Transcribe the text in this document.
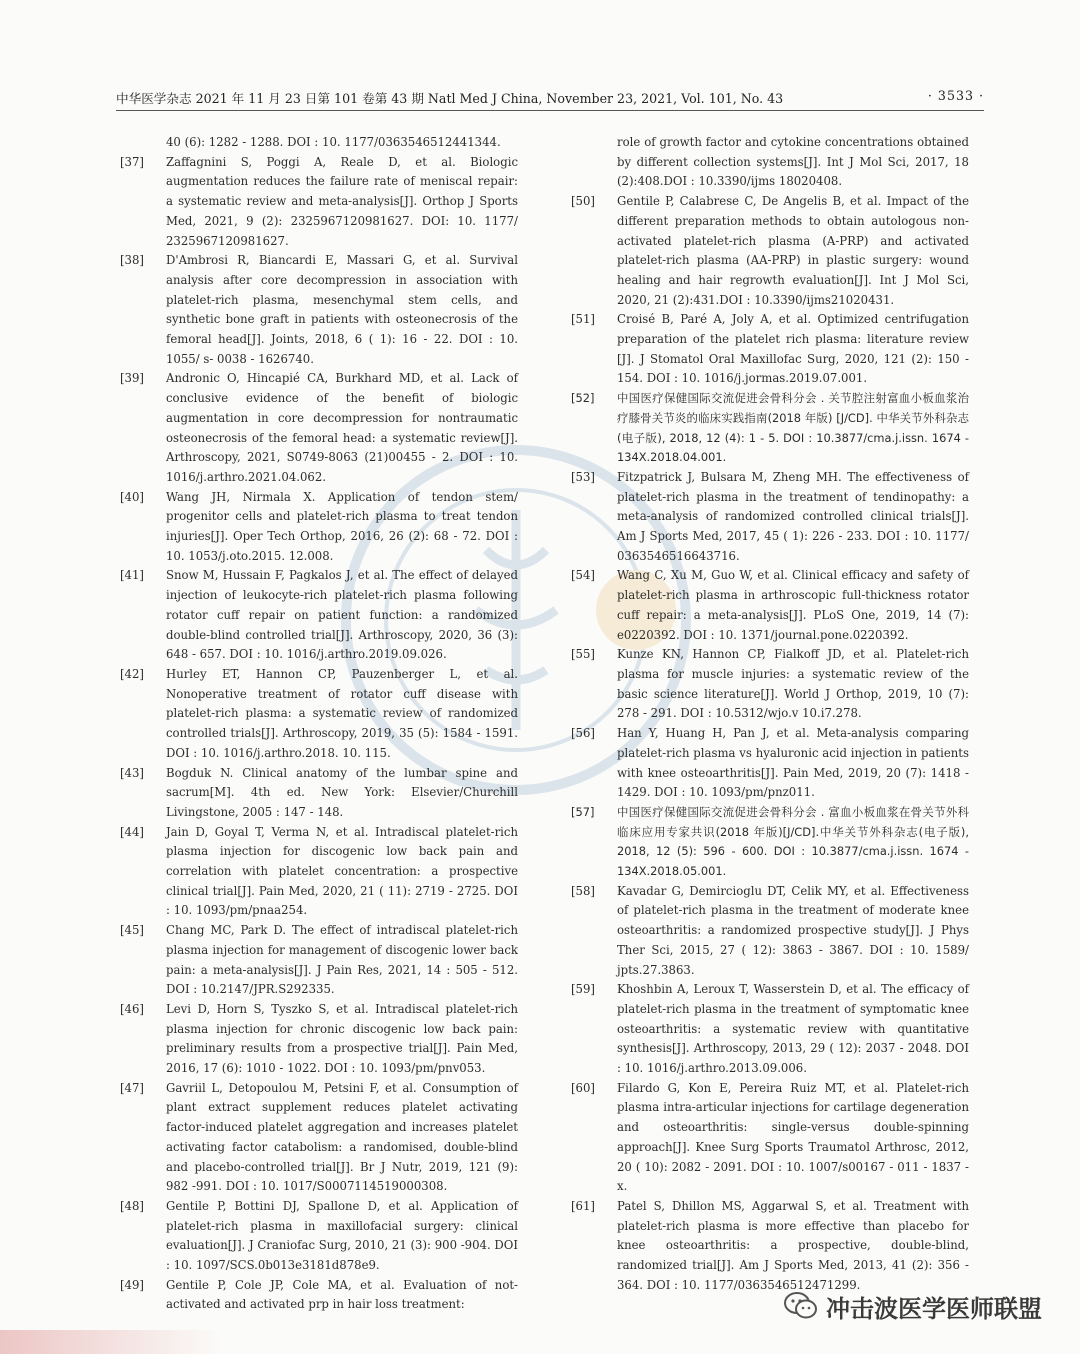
中华医学杂志 2021 年 11 月 23 日第 101 卷第 43 期 Natl Med J China, November 23, 2021, Vol. 101, No. 43	· 3533 ·
40 (6): 1282 - 1288. DOI : 10. 1177/0363546512441344.
[37] Zaffagnini S, Poggi A, Reale D, et al. Biologic augmentation reduces the failure rate of meniscal repair: a systematic review and meta-analysis[J]. Orthop J Sports Med, 2021, 9 (2): 2325967120981627. DOI: 10. 1177/ 2325967120981627.
[38] D'Ambrosi R, Biancardi E, Massari G, et al. Survival analysis after core decompression in association with platelet-rich plasma, mesenchymal stem cells, and synthetic bone graft in patients with osteonecrosis of the femoral head[J]. Joints, 2018, 6 ( 1): 16 - 22. DOI : 10. 1055/ s- 0038 - 1626740.
[39] Andronic O, Hincapié CA, Burkhard MD, et al. Lack of conclusive evidence of the benefit of biologic augmentation in core decompression for nontraumatic osteonecrosis of the femoral head: a systematic review[J]. Arthroscopy, 2021, S0749-8063 (21)00455 - 2. DOI : 10. 1016/j.arthro.2021.04.062.
[40] Wang JH, Nirmala X. Application of tendon stem/ progenitor cells and platelet-rich plasma to treat tendon injuries[J]. Oper Tech Orthop, 2016, 26 (2): 68 - 72. DOI : 10. 1053/j.oto.2015. 12.008.
[41] Snow M, Hussain F, Pagkalos J, et al. The effect of delayed injection of leukocyte-rich platelet-rich plasma following rotator cuff repair on patient function: a randomized double-blind controlled trial[J]. Arthroscopy, 2020, 36 (3): 648 - 657. DOI : 10. 1016/j.arthro.2019.09.026.
[42] Hurley ET, Hannon CP, Pauzenberger L, et al. Nonoperative treatment of rotator cuff disease with platelet-rich plasma: a systematic review of randomized controlled trials[J]. Arthroscopy, 2019, 35 (5): 1584 - 1591. DOI : 10. 1016/j.arthro.2018. 10. 115.
[43] Bogduk N. Clinical anatomy of the lumbar spine and sacrum[M]. 4th ed. New York: Elsevier/Churchill Livingstone, 2005 : 147 - 148.
[44] Jain D, Goyal T, Verma N, et al. Intradiscal platelet-rich plasma injection for discogenic low back pain and correlation with platelet concentration: a prospective clinical trial[J]. Pain Med, 2020, 21 ( 11): 2719 - 2725. DOI : 10. 1093/pm/pnaa254.
[45] Chang MC, Park D. The effect of intradiscal platelet-rich plasma injection for management of discogenic lower back pain: a meta-analysis[J]. J Pain Res, 2021, 14 : 505 - 512. DOI : 10.2147/JPR.S292335.
[46] Levi D, Horn S, Tyszko S, et al. Intradiscal platelet-rich plasma injection for chronic discogenic low back pain: preliminary results from a prospective trial[J]. Pain Med, 2016, 17 (6): 1010 - 1022. DOI : 10. 1093/pm/pnv053.
[47] Gavriil L, Detopoulou M, Petsini F, et al. Consumption of plant extract supplement reduces platelet activating factor-induced platelet aggregation and increases platelet activating factor catabolism: a randomised, double-blind and placebo-controlled trial[J]. Br J Nutr, 2019, 121 (9): 982 -991. DOI : 10. 1017/S0007114519000308.
[48] Gentile P, Bottini DJ, Spallone D, et al. Application of platelet-rich plasma in maxillofacial surgery: clinical evaluation[J]. J Craniofac Surg, 2010, 21 (3): 900 -904. DOI : 10. 1097/SCS.0b013e3181d878e9.
[49] Gentile P, Cole JP, Cole MA, et al. Evaluation of not-activated and activated prp in hair loss treatment:
role of growth factor and cytokine concentrations obtained by different collection systems[J]. Int J Mol Sci, 2017, 18 (2):408.DOI : 10.3390/ijms 18020408.
[50] Gentile P, Calabrese C, De Angelis B, et al. Impact of the different preparation methods to obtain autologous non-activated platelet-rich plasma (A-PRP) and activated platelet-rich plasma (AA-PRP) in plastic surgery: wound healing and hair regrowth evaluation[J]. Int J Mol Sci, 2020, 21 (2):431.DOI : 10.3390/ijms21020431.
[51] Croisé B, Paré A, Joly A, et al. Optimized centrifugation preparation of the platelet rich plasma: literature review [J]. J Stomatol Oral Maxillofac Surg, 2020, 121 (2): 150 - 154. DOI : 10. 1016/j.jormas.2019.07.001.
[52] 中国医疗保健国际交流促进会骨科分会 . 关节腔注射富血小板血浆治疗膝骨关节炎的临床实践指南(2018 年版) [J/CD]. 中华关节外科杂志(电子版), 2018, 12 (4): 1 - 5. DOI : 10.3877/cma.j.issn. 1674 - 134X.2018.04.001.
[53] Fitzpatrick J, Bulsara M, Zheng MH. The effectiveness of platelet-rich plasma in the treatment of tendinopathy: a meta-analysis of randomized controlled clinical trials[J]. Am J Sports Med, 2017, 45 ( 1): 226 - 233. DOI : 10. 1177/ 0363546516643716.
[54] Wang C, Xu M, Guo W, et al. Clinical efficacy and safety of platelet-rich plasma in arthroscopic full-thickness rotator cuff repair: a meta-analysis[J]. PLoS One, 2019, 14 (7): e0220392. DOI : 10. 1371/journal.pone.0220392.
[55] Kunze KN, Hannon CP, Fialkoff JD, et al. Platelet-rich plasma for muscle injuries: a systematic review of the basic science literature[J]. World J Orthop, 2019, 10 (7): 278 - 291. DOI : 10.5312/wjo.v 10.i7.278.
[56] Han Y, Huang H, Pan J, et al. Meta-analysis comparing platelet-rich plasma vs hyaluronic acid injection in patients with knee osteoarthritis[J]. Pain Med, 2019, 20 (7): 1418 - 1429. DOI : 10. 1093/pm/pnz011.
[57] 中国医疗保健国际交流促进会骨科分会 . 富血小板血浆在骨关节外科临床应用专家共识(2018 年版)[J/CD].中华关节外科杂志(电子版), 2018, 12 (5): 596 - 600. DOI : 10.3877/cma.j.issn. 1674 - 134X.2018.05.001.
[58] Kavadar G, Demircioglu DT, Celik MY, et al. Effectiveness of platelet-rich plasma in the treatment of moderate knee osteoarthritis: a randomized prospective study[J]. J Phys Ther Sci, 2015, 27 ( 12): 3863 - 3867. DOI : 10. 1589/ jpts.27.3863.
[59] Khoshbin A, Leroux T, Wasserstein D, et al. The efficacy of platelet-rich plasma in the treatment of symptomatic knee osteoarthritis: a systematic review with quantitative synthesis[J]. Arthroscopy, 2013, 29 ( 12): 2037 - 2048. DOI : 10. 1016/j.arthro.2013.09.006.
[60] Filardo G, Kon E, Pereira Ruiz MT, et al. Platelet-rich plasma intra-articular injections for cartilage degeneration and osteoarthritis: single-versus double-spinning approach[J]. Knee Surg Sports Traumatol Arthrosc, 2012, 20 ( 10): 2082 - 2091. DOI : 10. 1007/s00167 - 011 - 1837 -x.
[61] Patel S, Dhillon MS, Aggarwal S, et al. Treatment with platelet-rich plasma is more effective than placebo for knee osteoarthritis: a prospective, double-blind, randomized trial[J]. Am J Sports Med, 2013, 41 (2): 356 - 364. DOI : 10. 1177/0363546512471299.
冲击波医学医师联盟
